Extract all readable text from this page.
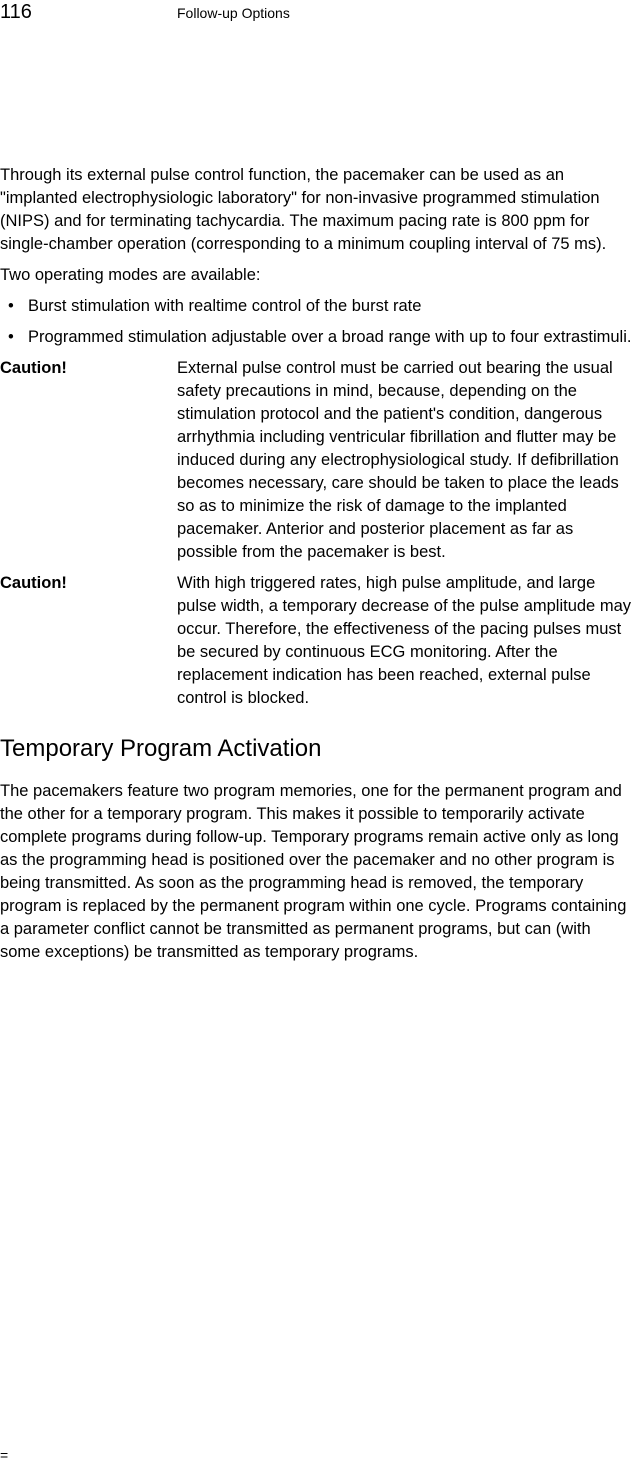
116	Follow-up Options

Through its external pulse control function, the pacemaker can be used as an "implanted electrophysiologic laboratory" for non-invasive programmed stimulation (NIPS) and for terminating tachycardia. The maximum pacing rate is 800 ppm for single-chamber operation (corresponding to a minimum coupling interval of 75 ms).

Two operating modes are available:

• Burst stimulation with realtime control of the burst rate
• Programmed stimulation adjustable over a broad range with up to four extrastimuli.
Caution!	External pulse control must be carried out bearing the usual safety precautions in mind, because, depending on the stimulation protocol and the patient's condition, dangerous arrhythmia including ventricular fibrillation and flutter may be induced during any electrophysiological study. If defibrillation becomes necessary, care should be taken to place the leads so as to minimize the risk of damage to the implanted pacemaker. Anterior and posterior placement as far as possible from the pacemaker is best.
Caution!	With high triggered rates, high pulse amplitude, and large pulse width, a temporary decrease of the pulse amplitude may occur. Therefore, the effectiveness of the pacing pulses must be secured by continuous ECG monitoring. After the replacement indication has been reached, external pulse control is blocked.
Temporary Program Activation

The pacemakers feature two program memories, one for the permanent program and the other for a temporary program. This makes it possible to temporarily activate complete programs during follow-up. Temporary programs remain active only as long as the programming head is positioned over the pacemaker and no other program is being transmitted. As soon as the programming head is removed, the temporary program is replaced by the permanent program within one cycle. Programs containing a parameter conflict cannot be transmitted as permanent programs, but can (with some exceptions) be transmitted as temporary programs.

=
